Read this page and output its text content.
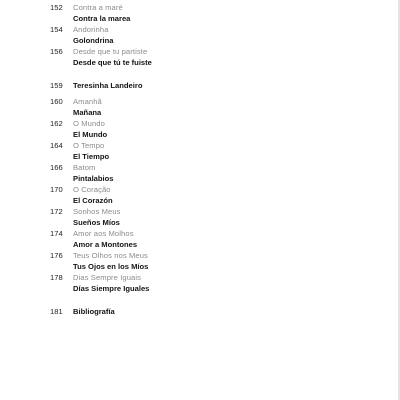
152	Contra a maré
Contra la marea
154	Andorinha
Golondrina
156	Desde que tu partiste
Desde que tú te fuiste
159	Teresinha Landeiro
160	Amanhã
Mañana
162	O Mundo
El Mundo
164	O Tempo
El Tiempo
166	Batom
Pintalabios
170	O Coração
El Corazón
172	Sonhos Meus
Sueños Míos
174	Amor aos Molhos
Amor a Montones
176	Teus Olhos nos Meus
Tus Ojos en los Míos
178	Dias Sempre Iguais
Días Siempre Iguales
181	Bibliografía
